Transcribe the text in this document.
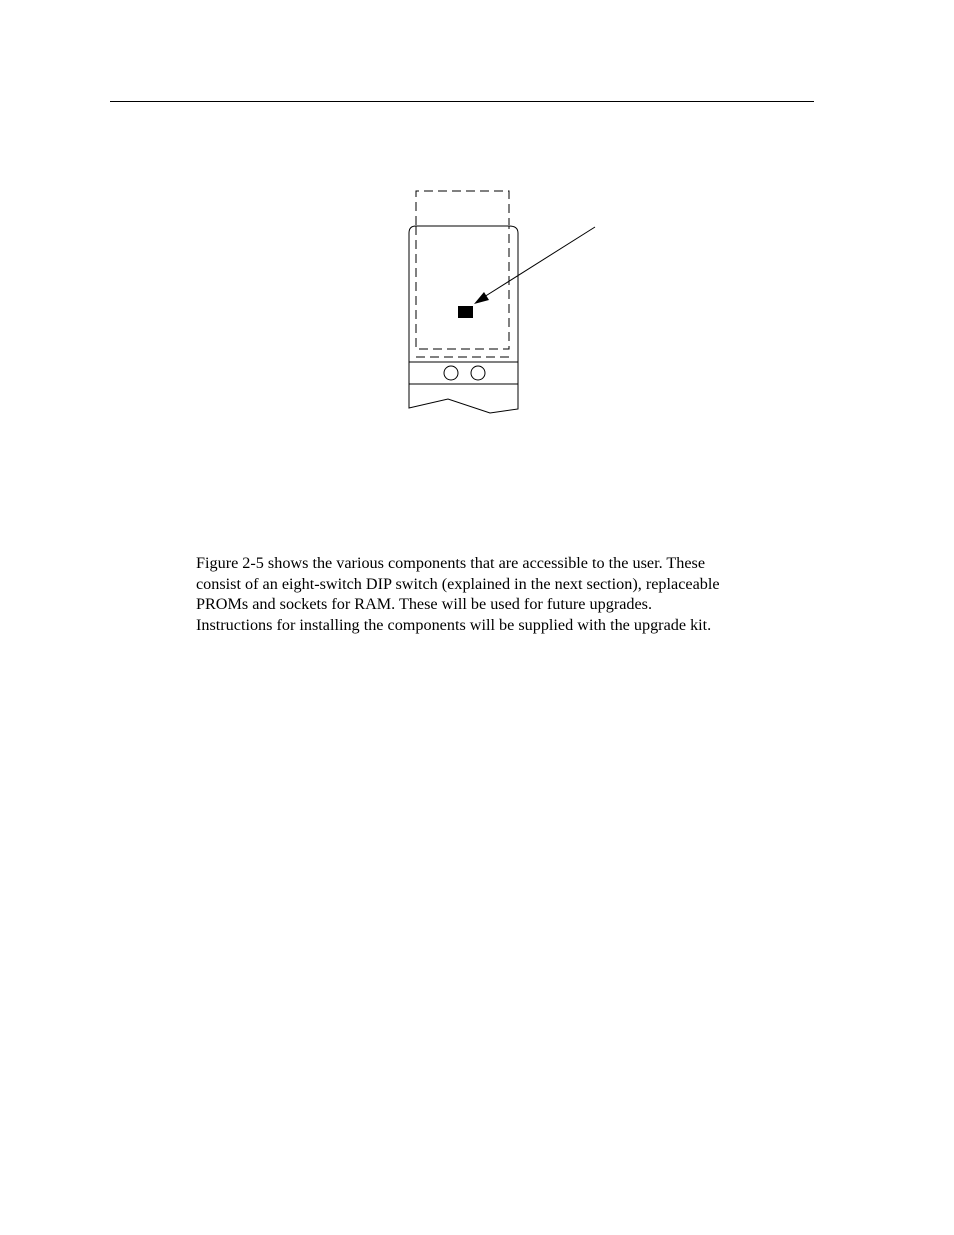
Figure 2-5 shows the various components that are accessible to the user. These
consist of an eight-switch DIP switch (explained in the next section), replaceable
PROMs and sockets for RAM. These will be used for future upgrades.
Instructions for installing the components will be supplied with the upgrade kit.
